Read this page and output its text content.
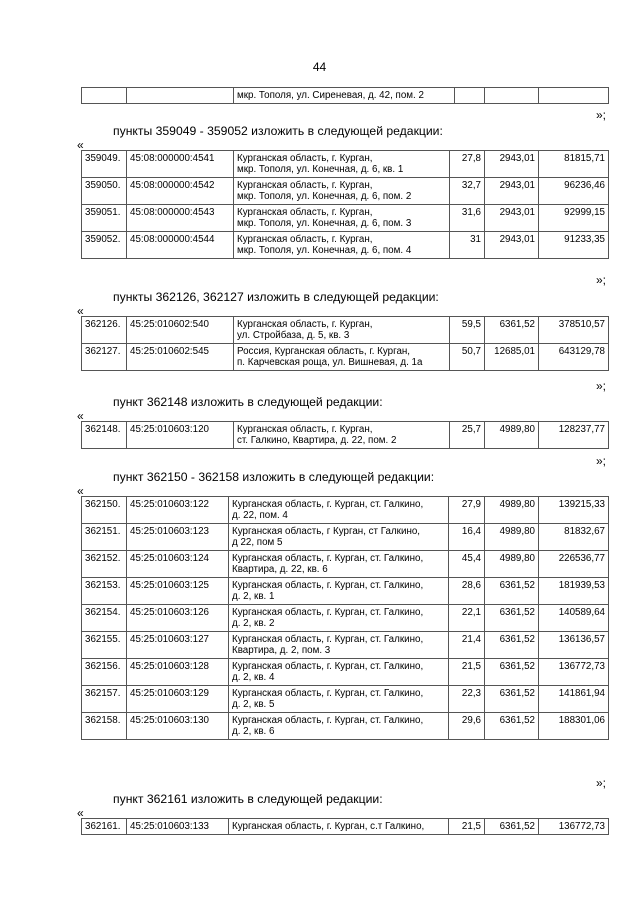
44
		мкр. Тополя, ул. Сиреневая, д. 42, пом. 2			
»;
пункты 359049 - 359052 изложить в следующей редакции:
«
359049.	45:08:000000:4541	Курганская область, г. Курган,
мкр. Тополя, ул. Конечная, д. 6, кв. 1	27,8	2943,01	81815,71
359050.	45:08:000000:4542	Курганская область, г. Курган,
мкр. Тополя, ул. Конечная, д. 6, пом. 2	32,7	2943,01	96236,46
359051.	45:08:000000:4543	Курганская область, г. Курган,
мкр. Тополя, ул. Конечная, д. 6, пом. 3	31,6	2943,01	92999,15
359052.	45:08:000000:4544	Курганская область, г. Курган,
мкр. Тополя, ул. Конечная, д. 6, пом. 4	31	2943,01	91233,35
»;
пункты 362126, 362127 изложить в следующей редакции:
«
362126.	45:25:010602:540	Курганская область, г. Курган,
ул. Стройбаза, д. 5, кв. 3	59,5	6361,52	378510,57
362127.	45:25:010602:545	Россия, Курганская область, г. Курган,
п. Карчевская роща, ул. Вишневая, д. 1а	50,7	12685,01	643129,78
»;
пункт 362148 изложить в следующей редакции:
«
362148.	45:25:010603:120	Курганская область, г. Курган,
ст. Галкино, Квартира, д. 22, пом. 2
	25,7	4989,80	128237,77
»;
пункт 362150 - 362158 изложить в следующей редакции:
«
362150.	45:25:010603:122	Курганская область, г. Курган, ст. Галкино,
д. 22, пом. 4	27,9	4989,80	139215,33
362151.	45:25:010603:123	Курганская область, г Курган, ст Галкино,
д 22, пом 5	16,4	4989,80	81832,67
362152.	45:25:010603:124	Курганская область, г. Курган, ст. Галкино,
Квартира, д. 22, кв. 6	45,4	4989,80	226536,77
362153.	45:25:010603:125	Курганская область, г. Курган, ст. Галкино,
д. 2, кв. 1	28,6	6361,52	181939,53
362154.	45:25:010603:126	Курганская область, г. Курган, ст. Галкино,
д. 2, кв. 2	22,1	6361,52	140589,64
362155.	45:25:010603:127	Курганская область, г. Курган, ст. Галкино,
Квартира, д. 2, пом. 3	21,4	6361,52	136136,57
362156.	45:25:010603:128	Курганская область, г. Курган, ст. Галкино,
д. 2, кв. 4	21,5	6361,52	136772,73
362157.	45:25:010603:129	Курганская область, г. Курган, ст. Галкино,
д. 2, кв. 5	22,3	6361,52	141861,94
362158.	45:25:010603:130	Курганская область, г. Курган, ст. Галкино,
д. 2, кв. 6	29,6	6361,52	188301,06
»;
пункт 362161 изложить в следующей редакции:
«
362161.	45:25:010603:133	Курганская область, г. Курган, с.т Галкино,	21,5	6361,52	136772,73
